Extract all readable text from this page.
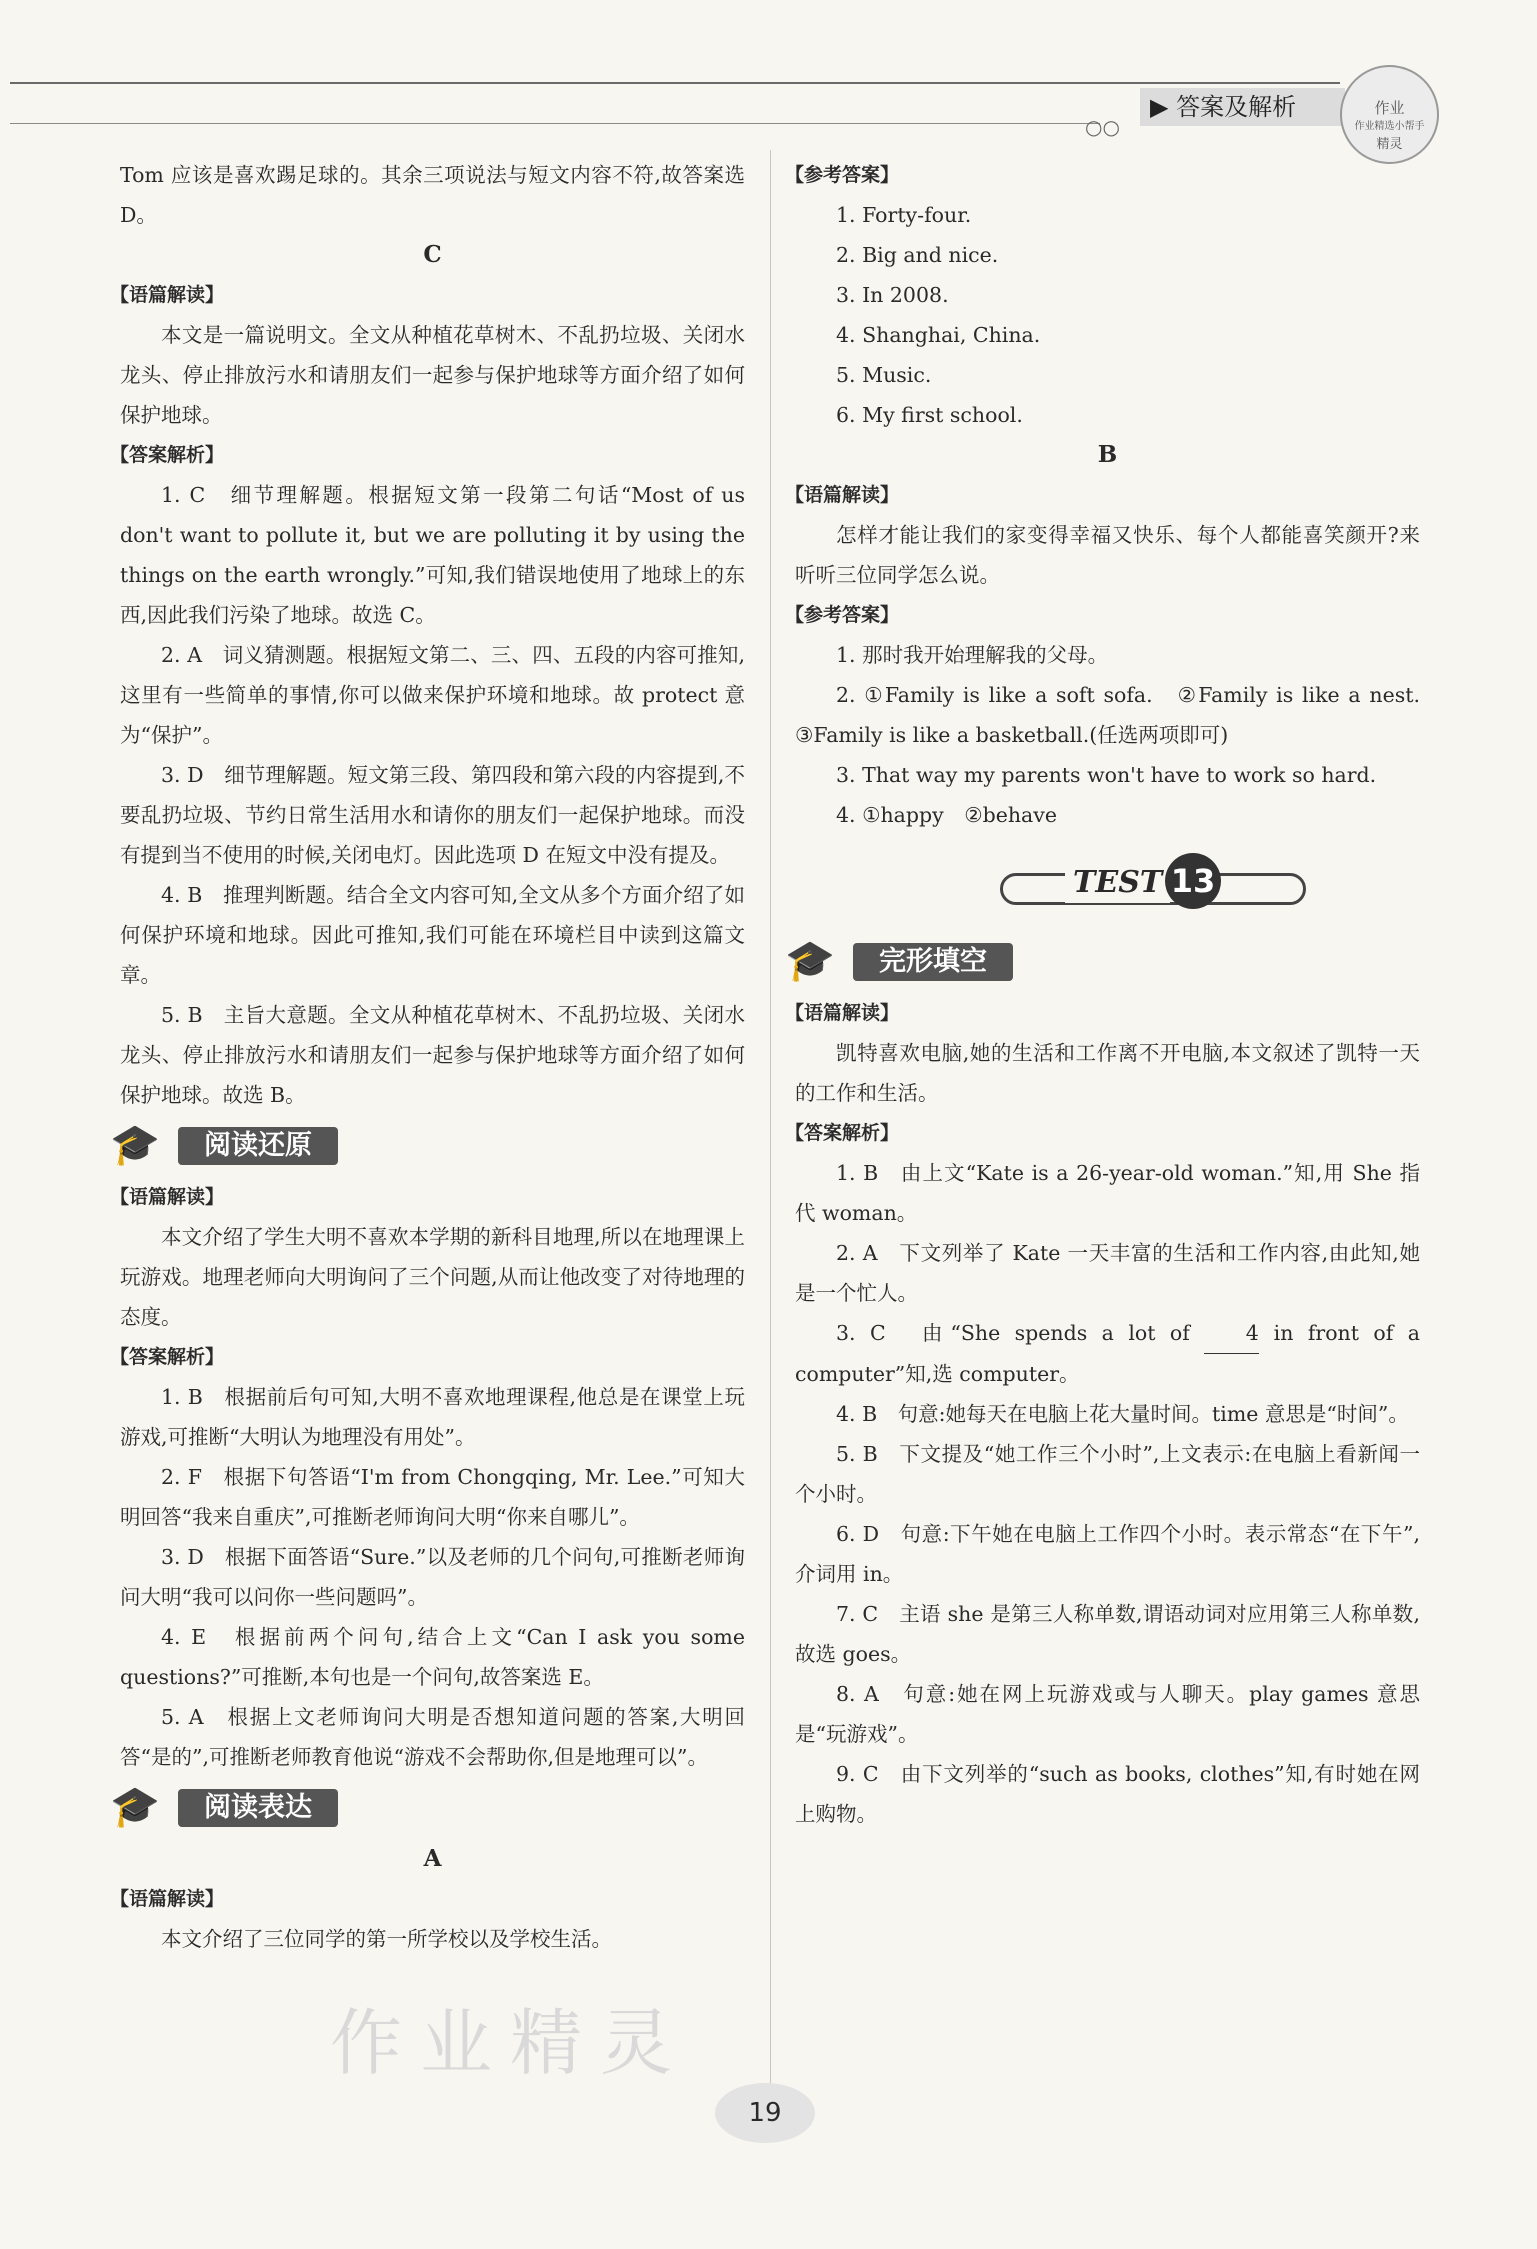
○○
▶ 答案及解析	作业
作业精选小帮手
精灵

Tom 应该是喜欢踢足球的。其余三项说法与短文内容不符,故答案选 D。

C
【语篇解读】

本文是一篇说明文。全文从种植花草树木、不乱扔垃圾、关闭水龙头、停止排放污水和请朋友们一起参与保护地球等方面介绍了如何保护地球。

【答案解析】

1. C　细节理解题。根据短文第一段第二句话“Most of us don't want to pollute it, but we are polluting it by using the things on the earth wrongly.”可知,我们错误地使用了地球上的东西,因此我们污染了地球。故选 C。

2. A　词义猜测题。根据短文第二、三、四、五段的内容可推知,这里有一些简单的事情,你可以做来保护环境和地球。故 protect 意为“保护”。

3. D　细节理解题。短文第三段、第四段和第六段的内容提到,不要乱扔垃圾、节约日常生活用水和请你的朋友们一起保护地球。而没有提到当不使用的时候,关闭电灯。因此选项 D 在短文中没有提及。

4. B　推理判断题。结合全文内容可知,全文从多个方面介绍了如何保护环境和地球。因此可推知,我们可能在环境栏目中读到这篇文章。

5. B　主旨大意题。全文从种植花草树木、不乱扔垃圾、关闭水龙头、停止排放污水和请朋友们一起参与保护地球等方面介绍了如何保护地球。故选 B。

🎓	阅读还原
【语篇解读】

本文介绍了学生大明不喜欢本学期的新科目地理,所以在地理课上玩游戏。地理老师向大明询问了三个问题,从而让他改变了对待地理的态度。

【答案解析】

1. B　根据前后句可知,大明不喜欢地理课程,他总是在课堂上玩游戏,可推断“大明认为地理没有用处”。

2. F　根据下句答语“I'm from Chongqing, Mr. Lee.”可知大明回答“我来自重庆”,可推断老师询问大明“你来自哪儿”。

3. D　根据下面答语“Sure.”以及老师的几个问句,可推断老师询问大明“我可以问你一些问题吗”。

4. E　根据前两个问句,结合上文“Can I ask you some questions?”可推断,本句也是一个问句,故答案选 E。

5. A　根据上文老师询问大明是否想知道问题的答案,大明回答“是的”,可推断老师教育他说“游戏不会帮助你,但是地理可以”。

🎓	阅读表达
A
【语篇解读】

本文介绍了三位同学的第一所学校以及学校生活。

【参考答案】

1. Forty-four.

2. Big and nice.

3. In 2008.

4. Shanghai, China.

5. Music.

6. My first school.

B
【语篇解读】

怎样才能让我们的家变得幸福又快乐、每个人都能喜笑颜开?来听听三位同学怎么说。

【参考答案】

1. 那时我开始理解我的父母。

2. ①Family is like a soft sofa.　②Family is like a nest.　③Family is like a basketball.(任选两项即可)

3. That way my parents won't have to work so hard.

4. ①happy　②behave

TEST 13
🎓	完形填空
【语篇解读】

凯特喜欢电脑,她的生活和工作离不开电脑,本文叙述了凯特一天的工作和生活。

【答案解析】

1. B　由上文“Kate is a 26-year-old woman.”知,用 She 指代 woman。

2. A　下文列举了 Kate 一天丰富的生活和工作内容,由此知,她是一个忙人。

3. C　由“She spends a lot of	4 in front of a computer”知,选 computer。

4. B　句意:她每天在电脑上花大量时间。time 意思是“时间”。

5. B　下文提及“她工作三个小时”,上文表示:在电脑上看新闻一个小时。

6. D　句意:下午她在电脑上工作四个小时。表示常态“在下午”,介词用 in。

7. C　主语 she 是第三人称单数,谓语动词对应用第三人称单数,故选 goes。

8. A　句意:她在网上玩游戏或与人聊天。play games 意思是“玩游戏”。

9. C　由下文列举的“such as books, clothes”知,有时她在网上购物。

作业精灵
19
